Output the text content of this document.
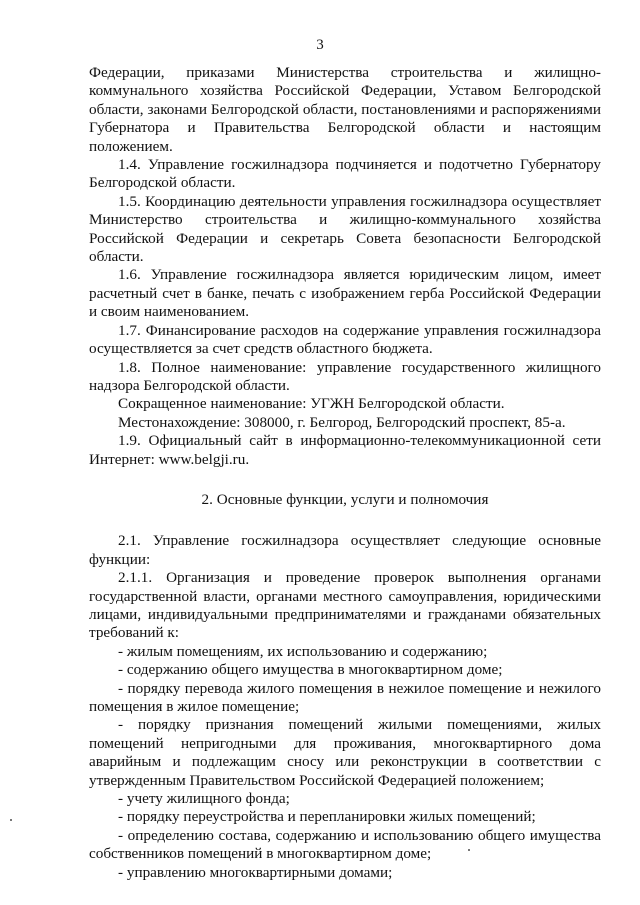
3

Федерации, приказами Министерства строительства и жилищно-коммунального хозяйства Российской Федерации, Уставом Белгородской области, законами Белгородской области, постановлениями и распоряжениями Губернатора и Правительства Белгородской области и настоящим положением.

1.4. Управление госжилнадзора подчиняется и подотчетно Губернатору Белгородской области.

1.5. Координацию деятельности управления госжилнадзора осуществляет Министерство строительства и жилищно-коммунального хозяйства Российской Федерации и секретарь Совета безопасности Белгородской области.

1.6. Управление госжилнадзора является юридическим лицом, имеет расчетный счет в банке, печать с изображением герба Российской Федерации и своим наименованием.

1.7. Финансирование расходов на содержание управления госжилнадзора осуществляется за счет средств областного бюджета.

1.8. Полное наименование: управление государственного жилищного надзора Белгородской области.

Сокращенное наименование: УГЖН Белгородской области.

Местонахождение: 308000, г. Белгород, Белгородский проспект, 85-а.

1.9. Официальный сайт в информационно-телекоммуникационной сети Интернет: www.belgji.ru.

2. Основные функции, услуги и полномочия

2.1. Управление госжилнадзора осуществляет следующие основные функции:

2.1.1. Организация и проведение проверок выполнения органами государственной власти, органами местного самоуправления, юридическими лицами, индивидуальными предпринимателями и гражданами обязательных требований к:

- жилым помещениям, их использованию и содержанию;

- содержанию общего имущества в многоквартирном доме;

- порядку перевода жилого помещения в нежилое помещение и нежилого помещения в жилое помещение;

- порядку признания помещений жилыми помещениями, жилых помещений непригодными для проживания, многоквартирного дома аварийным и подлежащим сносу или реконструкции в соответствии с утвержденным Правительством Российской Федерацией положением;

- учету жилищного фонда;

- порядку переустройства и перепланировки жилых помещений;

- определению состава, содержанию и использованию общего имущества собственников помещений в многоквартирном доме;

- управлению многоквартирными домами;
